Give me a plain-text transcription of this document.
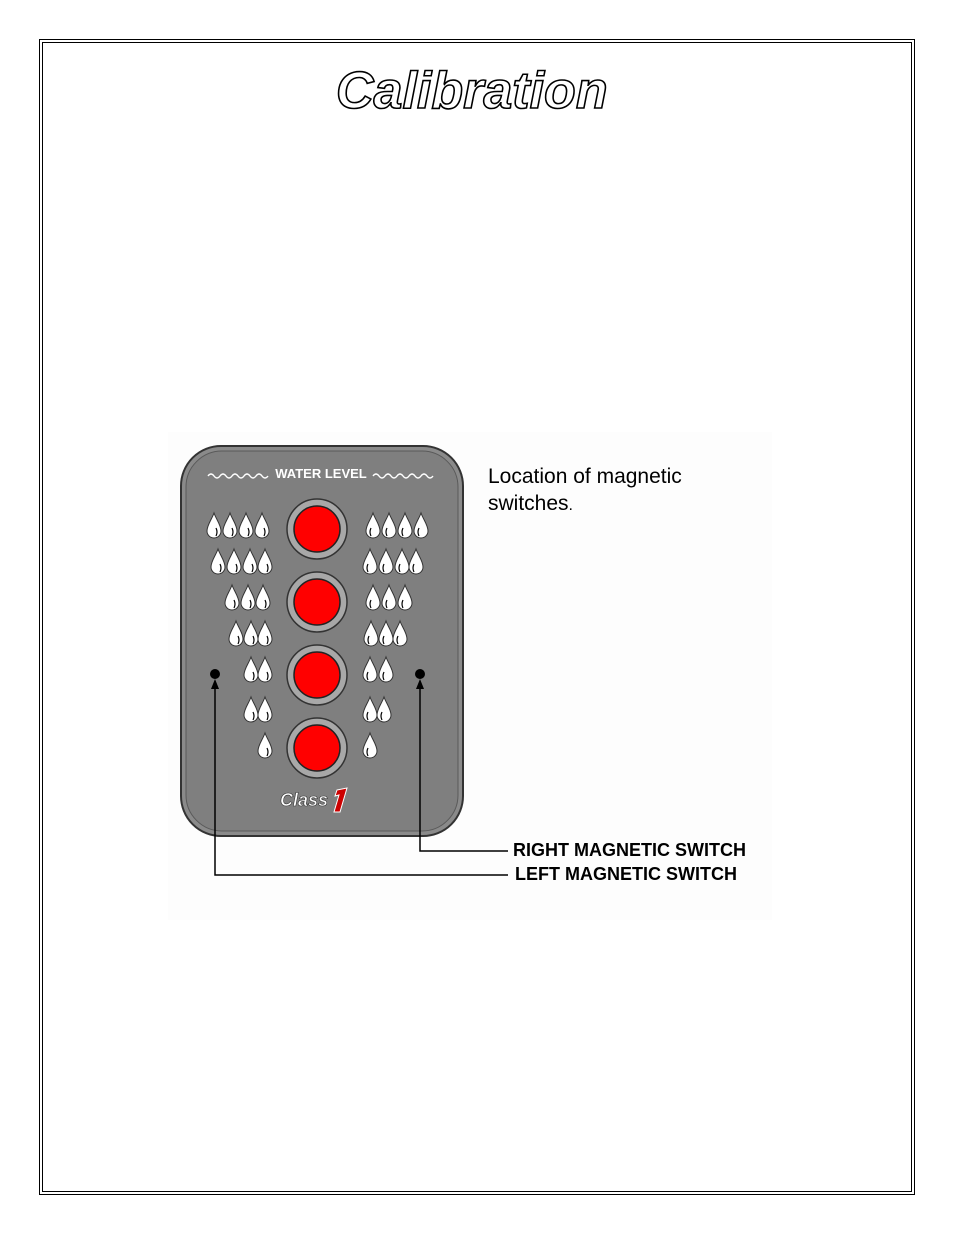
Calibration
WATER LEVEL
Class
Location of magnetic
switches.
RIGHT MAGNETIC SWITCH
LEFT MAGNETIC SWITCH
